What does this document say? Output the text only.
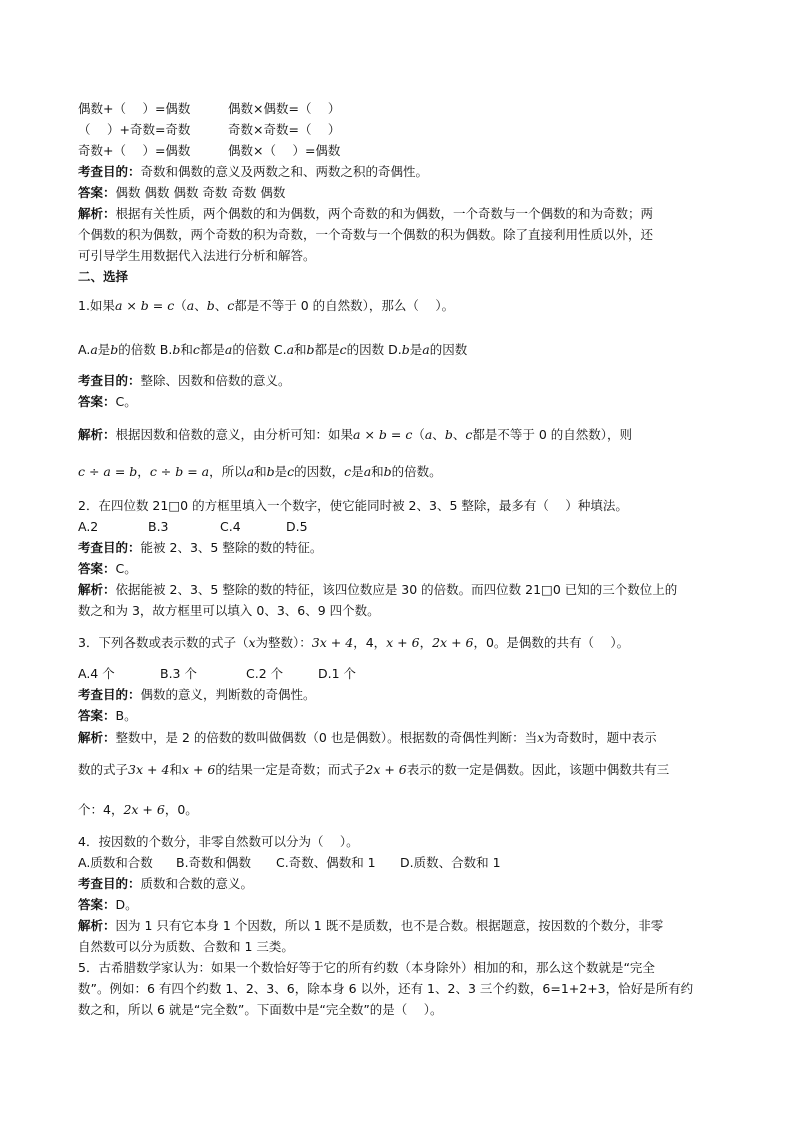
偶数+（　 ）=偶数	偶数×偶数=（　 ）
（　 ）+奇数=奇数	奇数×奇数=（　 ）
奇数+（　 ）=偶数	偶数×（　 ）=偶数
考查目的：奇数和偶数的意义及两数之和、两数之积的奇偶性。
答案：偶数 偶数 偶数 奇数 奇数 偶数
解析：根据有关性质，两个偶数的和为偶数，两个奇数的和为偶数，一个奇数与一个偶数的和为奇数；两
个偶数的积为偶数，两个奇数的积为奇数，一个奇数与一个偶数的积为偶数。除了直接利用性质以外，还
可引导学生用数据代入法进行分析和解答。
二、选择
1.如果a × b = c（a、b、c都是不等于 0 的自然数），那么（　 ）。
A.a是b的倍数 B.b和c都是a的倍数 C.a和b都是c的因数 D.b是a的因数
考查目的：整除、因数和倍数的意义。
答案：C。
解析：根据因数和倍数的意义，由分析可知：如果a × b = c（a、b、c都是不等于 0 的自然数），则
c ÷ a = b，c ÷ b = a，所以a和b是c的因数，c是a和b的倍数。
2．在四位数 21□0 的方框里填入一个数字，使它能同时被 2、3、5 整除，最多有（　 ）种填法。
A.2	B.3	C.4	D.5
考查目的：能被 2、3、5 整除的数的特征。
答案：C。
解析：依据能被 2、3、5 整除的数的特征，该四位数应是 30 的倍数。而四位数 21□0 已知的三个数位上的
数之和为 3，故方框里可以填入 0、3、6、9 四个数。
3．下列各数或表示数的式子（x为整数）：3x + 4，4，x + 6，2x + 6，0。是偶数的共有（　 ）。
A.4 个	B.3 个	C.2 个	D.1 个
考查目的：偶数的意义，判断数的奇偶性。
答案：B。
解析：整数中，是 2 的倍数的数叫做偶数（0 也是偶数）。根据数的奇偶性判断：当x为奇数时，题中表示
数的式子3x + 4和x + 6的结果一定是奇数；而式子2x + 6表示的数一定是偶数。因此，该题中偶数共有三
个：4，2x + 6，0。
4．按因数的个数分，非零自然数可以分为（　 ）。
A.质数和合数 B.奇数和偶数 C.奇数、偶数和 1 D.质数、合数和 1
考查目的：质数和合数的意义。
答案：D。
解析：因为 1 只有它本身 1 个因数，所以 1 既不是质数，也不是合数。根据题意，按因数的个数分，非零
自然数可以分为质数、合数和 1 三类。
5．古希腊数学家认为：如果一个数恰好等于它的所有约数（本身除外）相加的和，那么这个数就是“完全
数”。例如：6 有四个约数 1、2、3、6，除本身 6 以外，还有 1、2、3 三个约数，6=1+2+3，恰好是所有约
数之和，所以 6 就是“完全数”。下面数中是“完全数”的是（　 ）。
